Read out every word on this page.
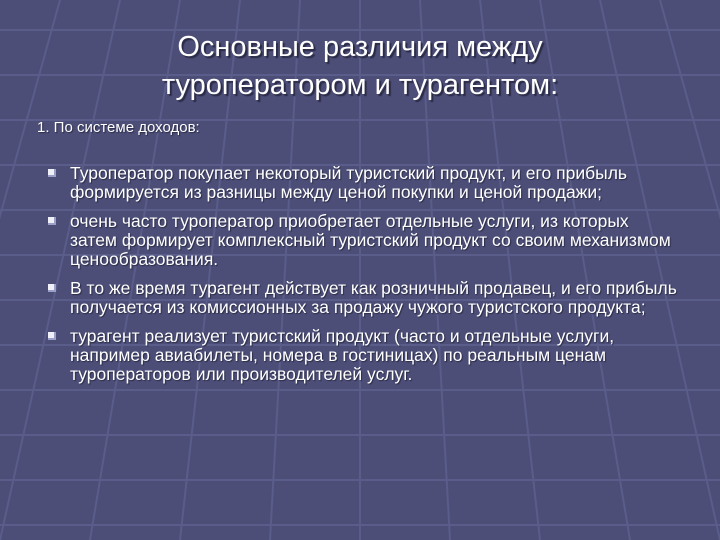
Основные различия между
туроператором и турагентом:
1. По системе доходов:
Туроператор покупает некоторый туристский продукт, и его прибыль формируется из разницы между ценой покупки и ценой продажи;
очень часто туроператор приобретает отдельные услуги, из которых затем формирует комплексный туристский продукт со своим механизмом ценообразования.
В то же время турагент действует как розничный продавец, и его прибыль получается из комиссионных за продажу чужого туристского продукта;
турагент реализует туристский продукт (часто и отдельные услуги, например авиабилеты, номера в гостиницах) по реальным ценам туроператоров или производителей услуг.
